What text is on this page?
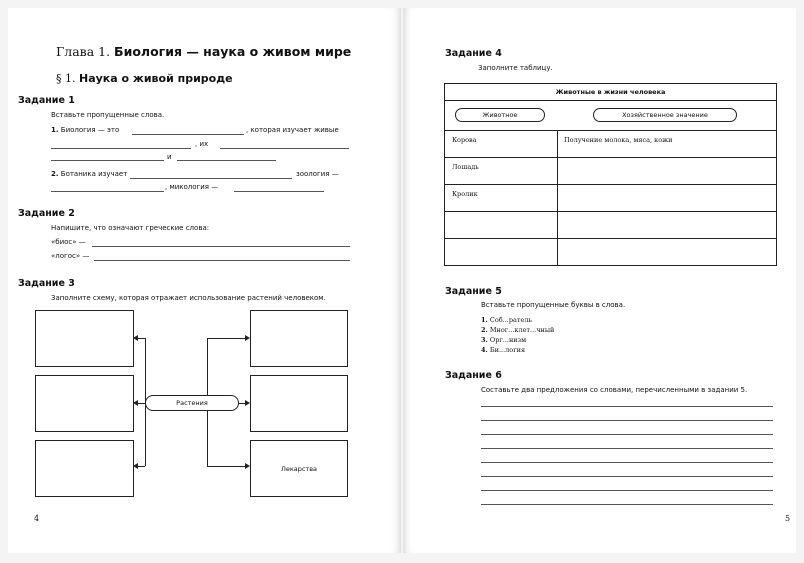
Глава 1. Биология — наука о живом мире
§ 1. Наука о живой природе
Задание 1
Вставьте пропущенные слова.
1. Биология — это	, которая изучает живые
, их
и
2. Ботаника изучает	зоология —
, микология —
Задание 2
Напишите, что означают греческие слова:
«биос» —
«логос» —
Задание 3
Заполните схему, которая отражает использование растений человеком.
Лекарства
Растения
4
Задание 4
Заполните таблицу.
Животные в жизни человека
Животное	Хозяйственное значение
Корова	Получение молока, мяса, кожи
Лошадь
Кролик
Задание 5
Вставьте пропущенные буквы в слова.
1. Соб...ратель
2. Мног...клет...чный
3. Орг...низм
4. Би...логия
Задание 6
Составьте два предложения со словами, перечисленными в задании 5.
5
